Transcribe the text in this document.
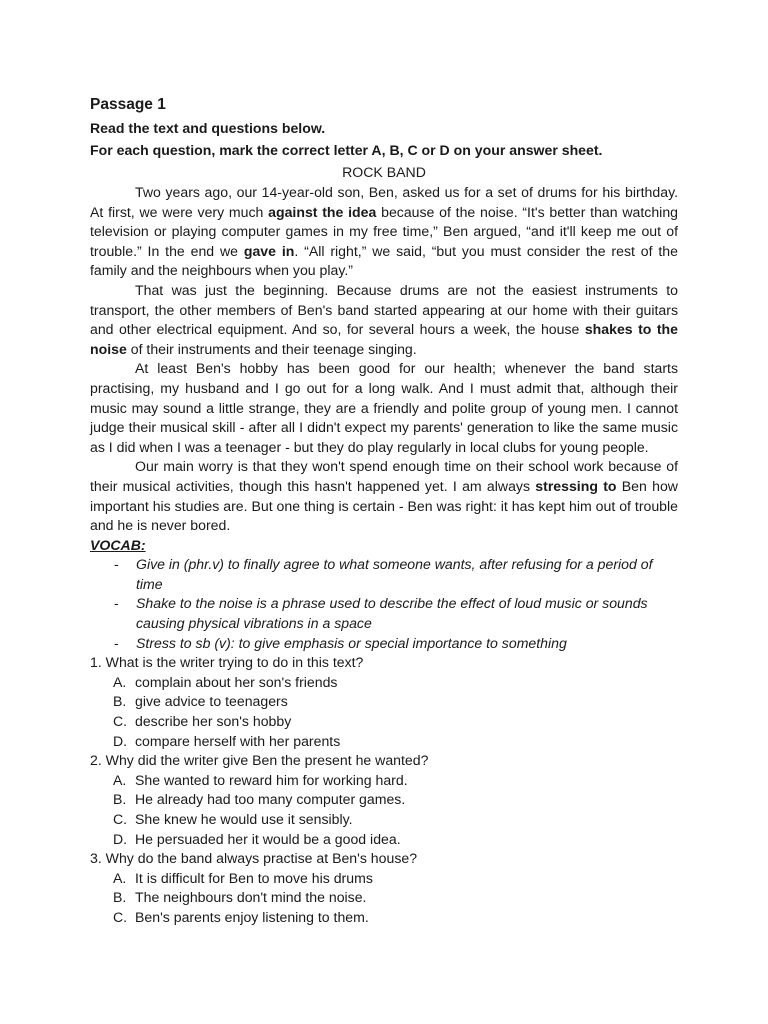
Passage 1

Read the text and questions below.

For each question, mark the correct letter A, B, C or D on your answer sheet.

ROCK BAND

Two years ago, our 14-year-old son, Ben, asked us for a set of drums for his birthday. At first, we were very much against the idea because of the noise. “It's better than watching television or playing computer games in my free time,” Ben argued, “and it'll keep me out of trouble.” In the end we gave in. “All right,” we said, “but you must consider the rest of the family and the neighbours when you play.”

That was just the beginning. Because drums are not the easiest instruments to transport, the other members of Ben's band started appearing at our home with their guitars and other electrical equipment. And so, for several hours a week, the house shakes to the noise of their instruments and their teenage singing.

At least Ben's hobby has been good for our health; whenever the band starts practising, my husband and I go out for a long walk. And I must admit that, although their music may sound a little strange, they are a friendly and polite group of young men. I cannot judge their musical skill - after all I didn't expect my parents' generation to like the same music as I did when I was a teenager - but they do play regularly in local clubs for young people.

Our main worry is that they won't spend enough time on their school work because of their musical activities, though this hasn't happened yet. I am always stressing to Ben how important his studies are. But one thing is certain - Ben was right: it has kept him out of trouble and he is never bored.

VOCAB:

- Give in (phr.v) to finally agree to what someone wants, after refusing for a period of time
- Shake to the noise is a phrase used to describe the effect of loud music or sounds causing physical vibrations in a space
- Stress to sb (v): to give emphasis or special importance to something

1. What is the writer trying to do in this text?

A. complain about her son's friends
B. give advice to teenagers
C. describe her son's hobby
D. compare herself with her parents

2. Why did the writer give Ben the present he wanted?

A. She wanted to reward him for working hard.
B. He already had too many computer games.
C. She knew he would use it sensibly.
D. He persuaded her it would be a good idea.

3. Why do the band always practise at Ben's house?

A. It is difficult for Ben to move his drums
B. The neighbours don't mind the noise.
C. Ben's parents enjoy listening to them.
